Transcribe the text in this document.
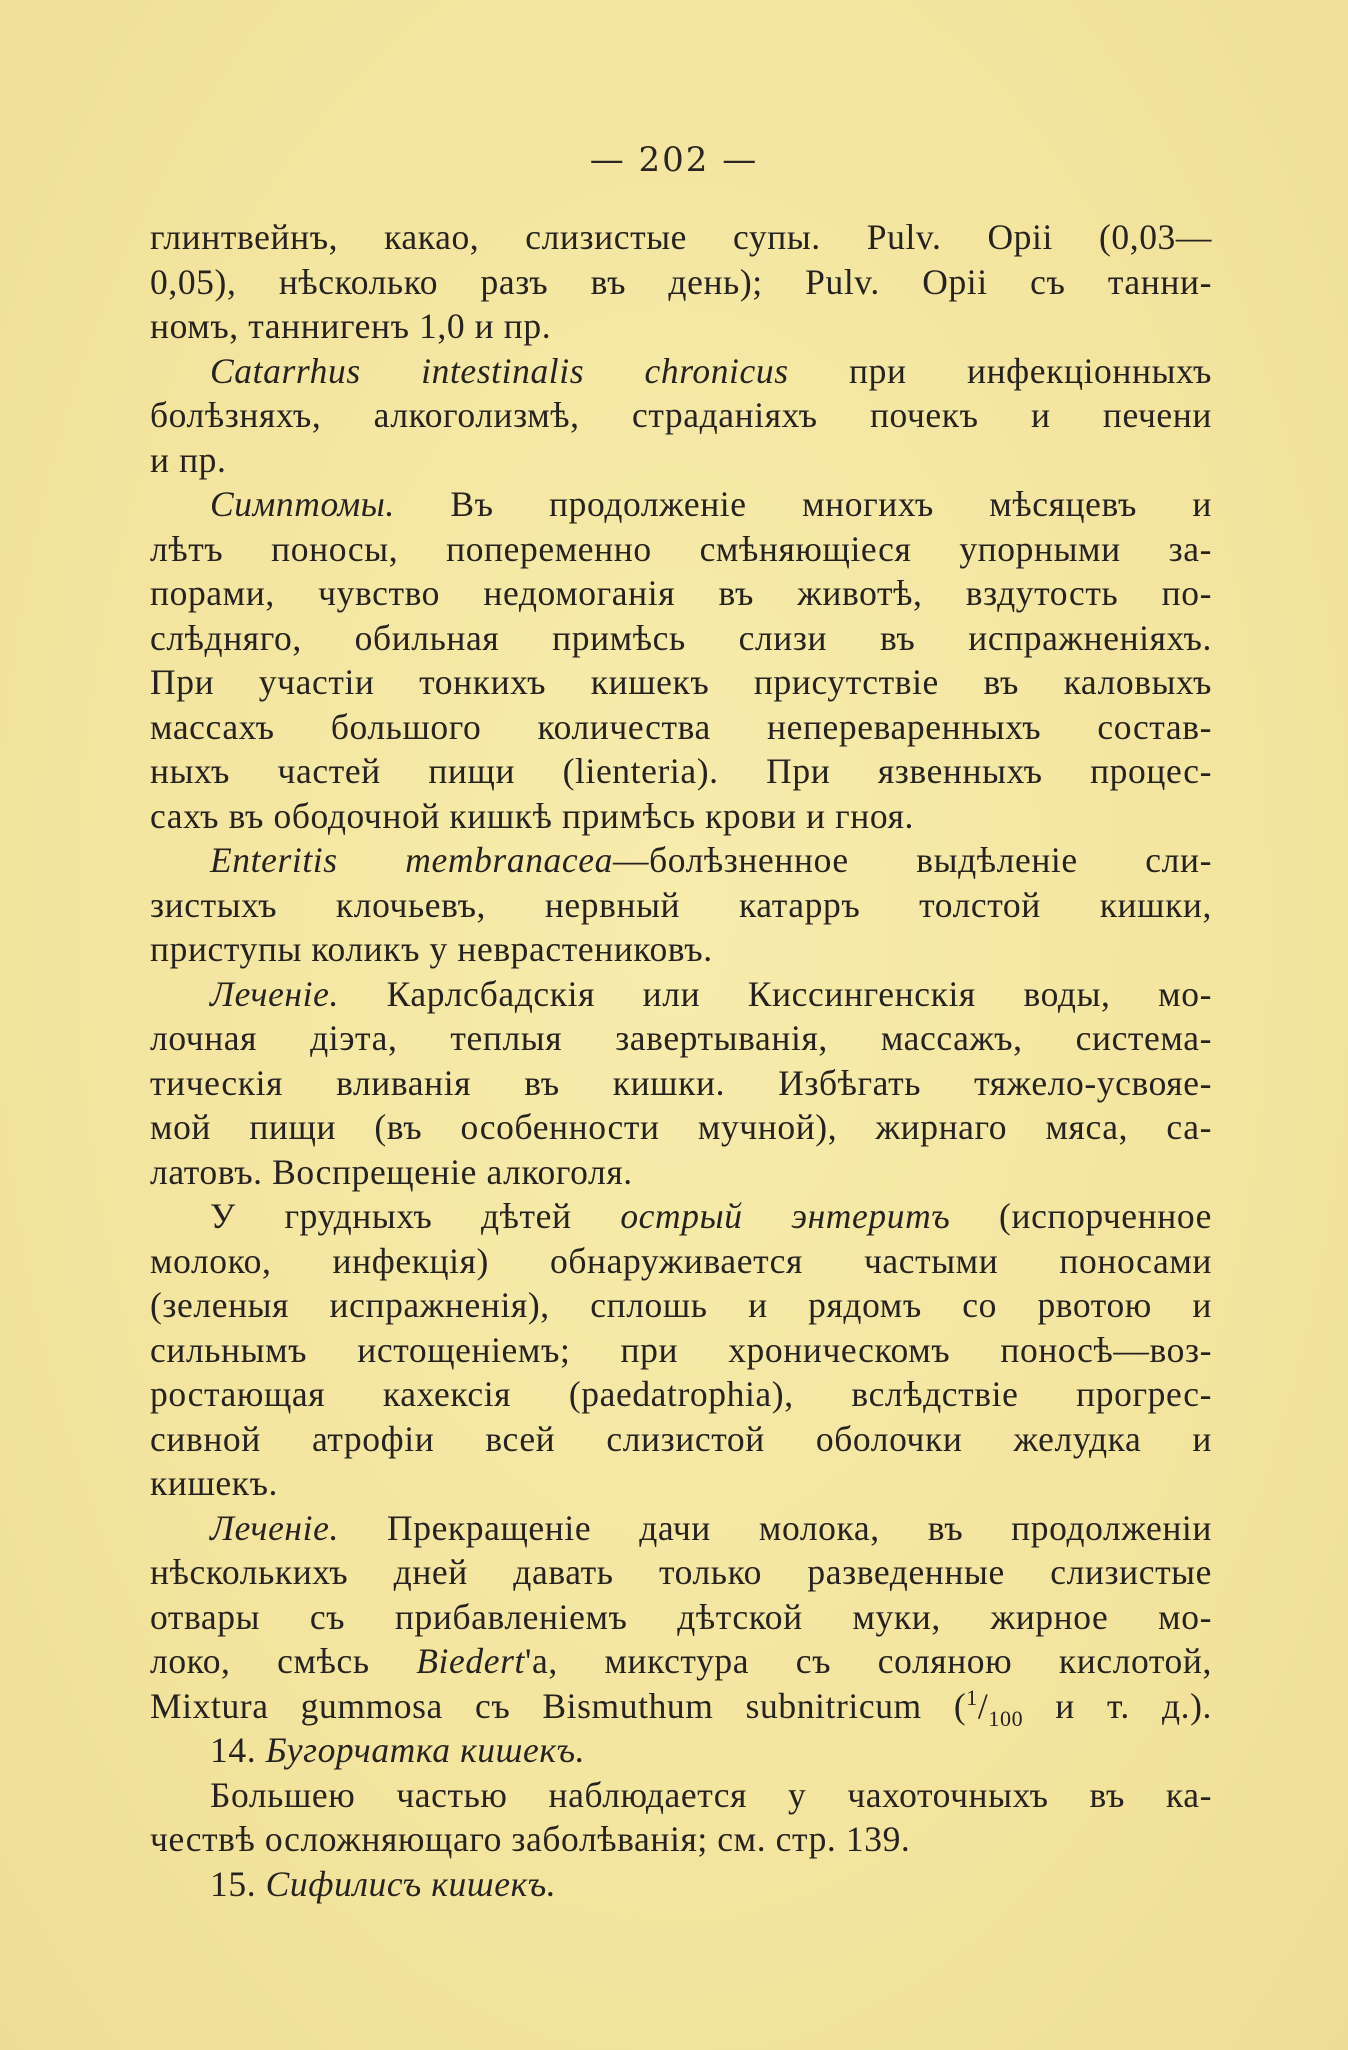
— 202 —
глинтвейнъ, какао, слизистые супы. Pulv. Opii (0,03—
0,05), нѣсколько разъ въ день); Pulv. Opii съ танни-
номъ, таннигенъ 1,0 и пр.
Catarrhus intestinalis chronicus при инфекціонныхъ
болѣзняхъ, алкоголизмѣ, страданіяхъ почекъ и печени
и пр.
Симптомы. Въ продолженіе многихъ мѣсяцевъ и
лѣтъ поносы, попеременно смѣняющіеся упорными за-
порами, чувство недомоганія въ животѣ, вздутость по-
слѣдняго, обильная примѣсь слизи въ испражненіяхъ.
При участіи тонкихъ кишекъ присутствіе въ каловыхъ
массахъ большого количества непереваренныхъ состав-
ныхъ частей пищи (lienteria). При язвенныхъ процес-
сахъ въ ободочной кишкѣ примѣсь крови и гноя.
Enteritis membranacea—болѣзненное выдѣленіе сли-
зистыхъ клочьевъ, нервный катарръ толстой кишки,
приступы коликъ у неврастениковъ.
Леченіе. Карлсбадскія или Киссингенскія воды, мо-
лочная діэта, теплыя завертыванія, массажъ, система-
тическія вливанія въ кишки. Избѣгать тяжело-усвояе-
мой пищи (въ особенности мучной), жирнаго мяса, са-
латовъ. Воспрещеніе алкоголя.
У грудныхъ дѣтей острый энтеритъ (испорченное
молоко, инфекція) обнаруживается частыми поносами
(зеленыя испражненія), сплошь и рядомъ со рвотою и
сильнымъ истощеніемъ; при хроническомъ поносѣ—воз-
ростающая кахексія (paedatrophia), вслѣдствіе прогрес-
сивной атрофіи всей слизистой оболочки желудка и
кишекъ.
Леченіе. Прекращеніе дачи молока, въ продолженіи
нѣсколькихъ дней давать только разведенные слизистые
отвары съ прибавленіемъ дѣтской муки, жирное мо-
локо, смѣсь Biedert'а, микстура съ соляною кислотой,
Mixtura gummosa съ Bismuthum subnitricum ($^1/_{100}$ и т. д.).
14. Бугорчатка кишекъ.
Большею частью наблюдается у чахоточныхъ въ ка-
чествѣ осложняющаго заболѣванія; см. стр. 139.
15. Сифилисъ кишекъ.
